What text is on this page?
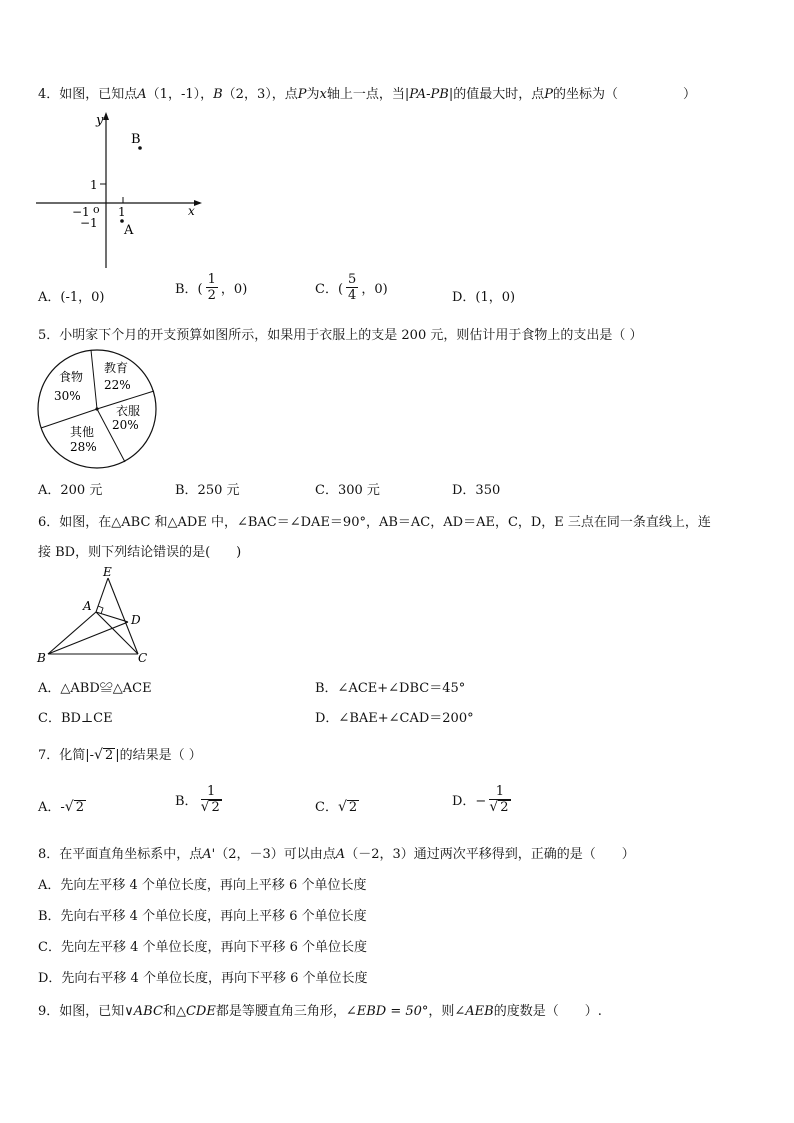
4．如图，已知点A（1，-1），B（2，3），点P为x轴上一点，当|PA-PB|的值最大时，点P的坐标为（　　　　　）
y
x
o
1
−1 1
−1
B
A
A．(-1，0)
B．( $\frac{1}{2}$ ，0)	C．( $\frac{5}{4}$ ，0)
D．(1，0)
5．小明家下个月的开支预算如图所示，如果用于衣服上的支是 200 元，则估计用于食物上的支出是（ ）
食物
30%
教育
22%
衣服
20%
其他
28%
A．200 元	B．250 元	C．300 元	D．350
6．如图，在△ABC 和△ADE 中，∠BAC＝∠DAE＝90°，AB＝AC，AD＝AE，C，D，E 三点在同一条直线上，连
接 BD，则下列结论错误的是(　　)
E
A
D
B	C
A．△ABD≌△ACE	B．∠ACE+∠DBC＝45°
C．BD⊥CE	D．∠BAE+∠CAD＝200°
7．化简|-√ 2 |的结果是（ ）
A．-√ 2	B． $\frac{1}{√ 2}$	C．√ 2	D．− $\frac{1}{√ 2}$
8．在平面直角坐标系中，点A'（2，－3）可以由点A（－2，3）通过两次平移得到，正确的是（　　）
A．先向左平移 4 个单位长度，再向上平移 6 个单位长度
B．先向右平移 4 个单位长度，再向上平移 6 个单位长度
C．先向左平移 4 个单位长度，再向下平移 6 个单位长度
D．先向右平移 4 个单位长度，再向下平移 6 个单位长度
9．如图，已知∨ABC和△CDE都是等腰直角三角形，∠EBD = 50°，则∠AEB的度数是（　　）.
